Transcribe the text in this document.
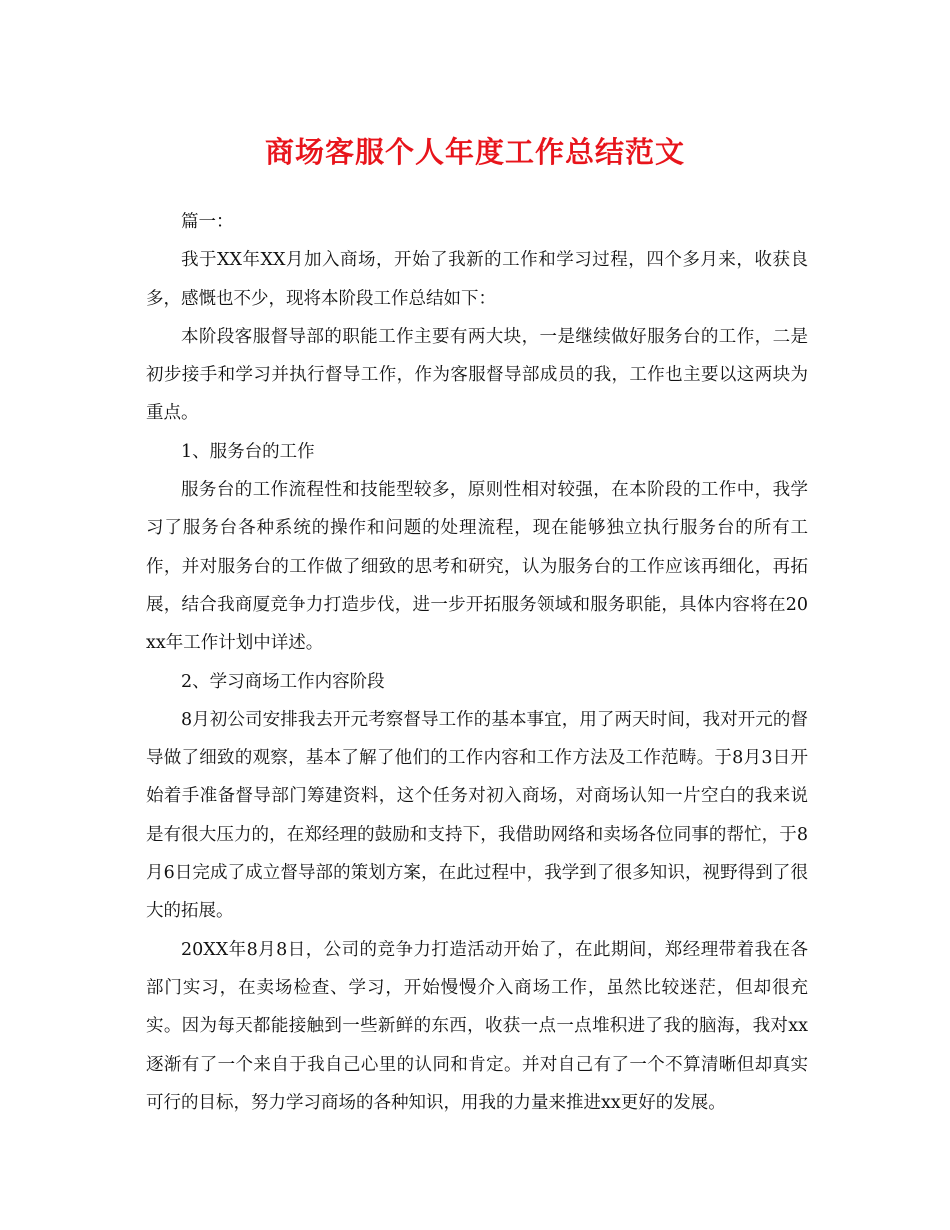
商场客服个人年度工作总结范文

篇一：

我于XX年XX月加入商场，开始了我新的工作和学习过程，四个多月来，收获良多，感慨也不少，现将本阶段工作总结如下：

本阶段客服督导部的职能工作主要有两大块，一是继续做好服务台的工作，二是初步接手和学习并执行督导工作，作为客服督导部成员的我，工作也主要以这两块为重点。

1、服务台的工作

服务台的工作流程性和技能型较多，原则性相对较强，在本阶段的工作中，我学习了服务台各种系统的操作和问题的处理流程，现在能够独立执行服务台的所有工作，并对服务台的工作做了细致的思考和研究，认为服务台的工作应该再细化，再拓展，结合我商厦竞争力打造步伐，进一步开拓服务领域和服务职能，具体内容将在20xx年工作计划中详述。

2、学习商场工作内容阶段

8月初公司安排我去开元考察督导工作的基本事宜，用了两天时间，我对开元的督导做了细致的观察，基本了解了他们的工作内容和工作方法及工作范畴。于8月3日开始着手准备督导部门筹建资料，这个任务对初入商场，对商场认知一片空白的我来说是有很大压力的，在郑经理的鼓励和支持下，我借助网络和卖场各位同事的帮忙，于8月6日完成了成立督导部的策划方案，在此过程中，我学到了很多知识，视野得到了很大的拓展。

20XX年8月8日，公司的竞争力打造活动开始了，在此期间，郑经理带着我在各部门实习，在卖场检查、学习，开始慢慢介入商场工作，虽然比较迷茫，但却很充实。因为每天都能接触到一些新鲜的东西，收获一点一点堆积进了我的脑海，我对xx逐渐有了一个来自于我自己心里的认同和肯定。并对自己有了一个不算清晰但却真实可行的目标，努力学习商场的各种知识，用我的力量来推进xx更好的发展。
